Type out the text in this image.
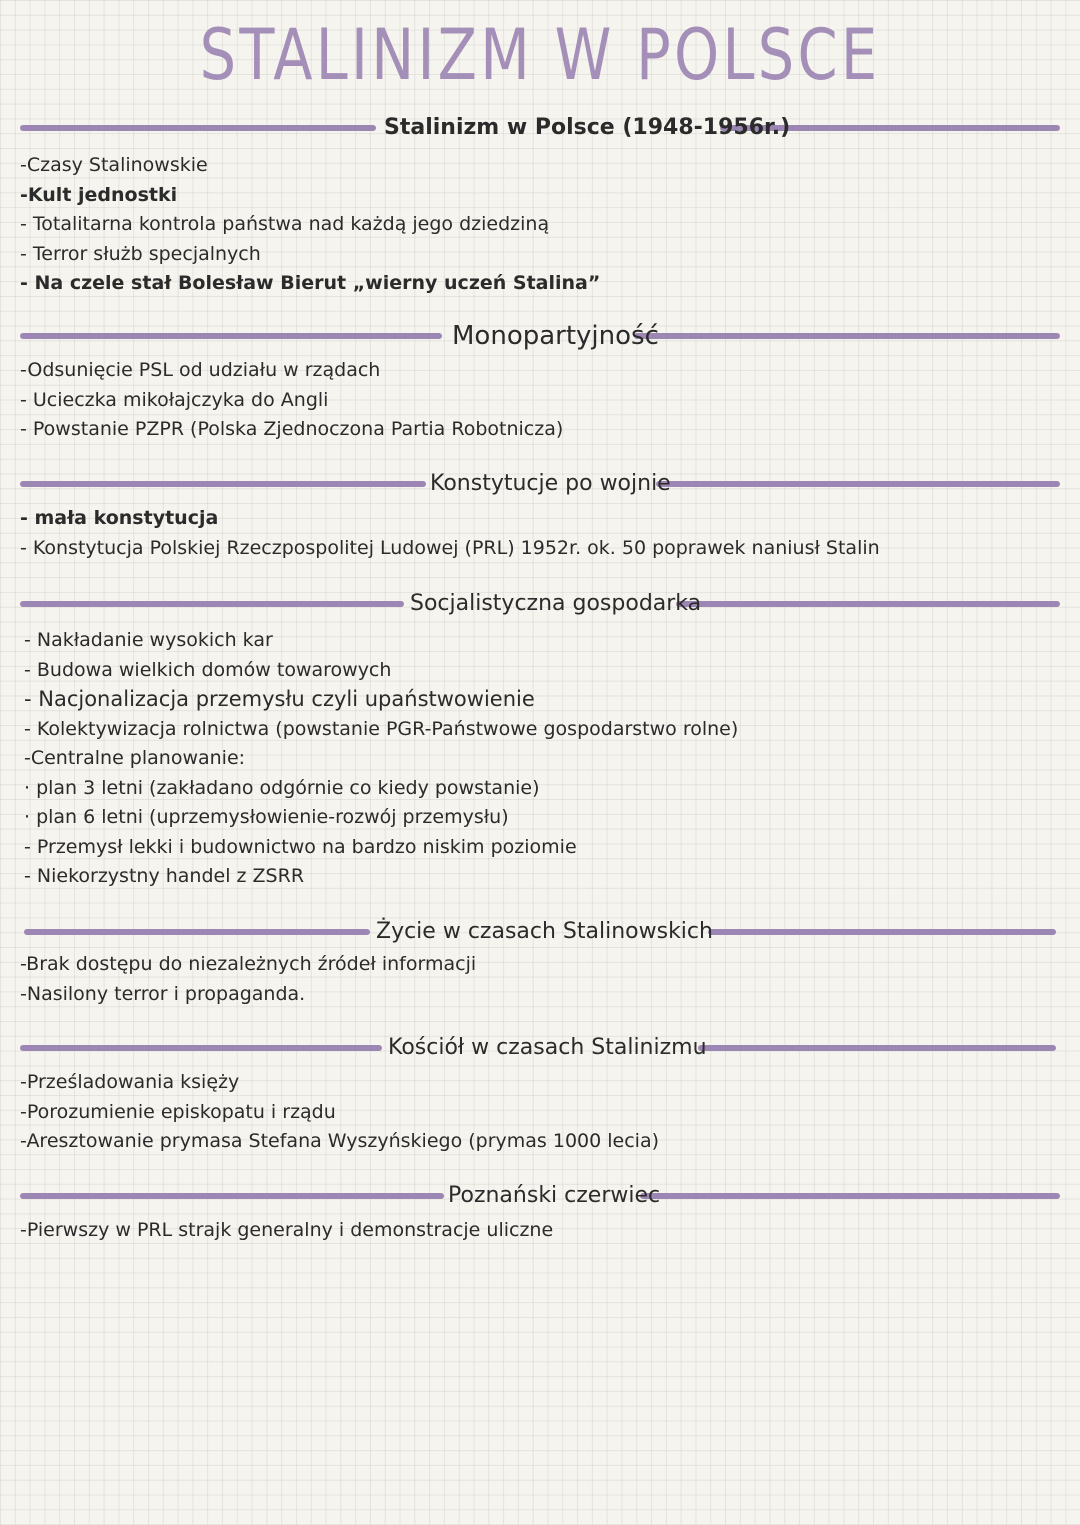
STALINIZM W POLSCE
Stalinizm w Polsce (1948-1956r.)
-Czasy Stalinowskie
-Kult jednostki
- Totalitarna kontrola państwa nad każdą jego dziedziną
- Terror służb specjalnych
- Na czele stał Bolesław Bierut „wierny uczeń Stalina”
Monopartyjność
-Odsunięcie PSL od udziału w rządach
- Ucieczka mikołajczyka do Angli
- Powstanie PZPR (Polska Zjednoczona Partia Robotnicza)
Konstytucje po wojnie
- mała konstytucja
- Konstytucja Polskiej Rzeczpospolitej Ludowej (PRL) 1952r. ok. 50 poprawek naniusł Stalin
Socjalistyczna gospodarka
- Nakładanie wysokich kar
- Budowa wielkich domów towarowych
- Nacjonalizacja przemysłu czyli upaństwowienie
- Kolektywizacja rolnictwa (powstanie PGR-Państwowe gospodarstwo rolne)
-Centralne planowanie:
· plan 3 letni (zakładano odgórnie co kiedy powstanie)
· plan 6 letni (uprzemysłowienie-rozwój przemysłu)
- Przemysł lekki i budownictwo na bardzo niskim poziomie
- Niekorzystny handel z ZSRR
Życie w czasach Stalinowskich
-Brak dostępu do niezależnych źródeł informacji
-Nasilony terror i propaganda.
Kościół w czasach Stalinizmu
-Prześladowania księży
-Porozumienie episkopatu i rządu
-Aresztowanie prymasa Stefana Wyszyńskiego (prymas 1000 lecia)
Poznański czerwiec
-Pierwszy w PRL strajk generalny i demonstracje uliczne
